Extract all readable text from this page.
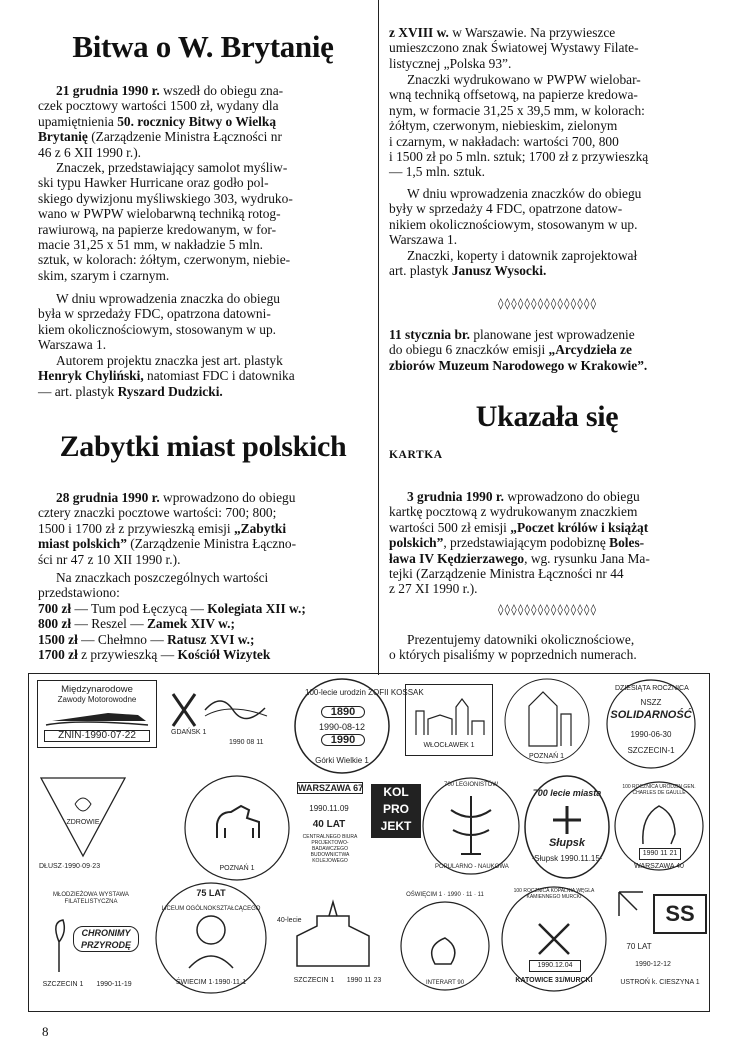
Bitwa o W. Brytanię

21 grudnia 1990 r. wszedł do obiegu zna-
czek pocztowy wartości 1500 zł, wydany dla
upamiętnienia 50. rocznicy Bitwy o Wielką
Brytanię (Zarządzenie Ministra Łączności nr
46 z 6 XII 1990 r.).

Znaczek, przedstawiający samolot myśliw-
ski typu Hawker Hurricane oraz godło pol-
skiego dywizjonu myśliwskiego 303, wydruko-
wano w PWPW wielobarwną techniką rotog-
rawiurową, na papierze kredowanym, w for-
macie 31,25 x 51 mm, w nakładzie 5 mln.
sztuk, w kolorach: żółtym, czerwonym, niebie-
skim, szarym i czarnym.

W dniu wprowadzenia znaczka do obiegu
była w sprzedaży FDC, opatrzona datowni-
kiem okolicznościowym, stosowanym w up.
Warszawa 1.

Autorem projektu znaczka jest art. plastyk
Henryk Chyliński, natomiast FDC i datownika
— art. plastyk Ryszard Dudzicki.

Zabytki miast polskich

28 grudnia 1990 r. wprowadzono do obiegu
cztery znaczki pocztowe wartości: 700; 800;
1500 i 1700 zł z przywieszką emisji „Zabytki
miast polskich” (Zarządzenie Ministra Łączno-
ści nr 47 z 10 XII 1990 r.).

Na znaczkach poszczególnych wartości
przedstawiono:

700 zł — Tum pod Łęczycą — Kolegiata XII w.;
800 zł — Reszel — Zamek XIV w.;
1500 zł — Chełmno — Ratusz XVI w.;
1700 zł z przywieszką — Kościół Wizytek

z XVIII w. w Warszawie. Na przywieszce
umieszczono znak Światowej Wystawy Filate-
listycznej „Polska 93”.

Znaczki wydrukowano w PWPW wielobar-
wną techniką offsetową, na papierze kredowa-
nym, w formacie 31,25 x 39,5 mm, w kolorach:
żółtym, czerwonym, niebieskim, zielonym
i czarnym, w nakładach: wartości 700, 800
i 1500 zł po 5 mln. sztuk; 1700 zł z przywieszką
— 1,5 mln. sztuk.

W dniu wprowadzenia znaczków do obiegu
były w sprzedaży 4 FDC, opatrzone datow-
nikiem okolicznościowym, stosowanym w up.
Warszawa 1.

Znaczki, koperty i datownik zaprojektował
art. plastyk Janusz Wysocki.

◊◊◊◊◊◊◊◊◊◊◊◊◊◊◊

11 stycznia br. planowane jest wprowadzenie
do obiegu 6 znaczków emisji „Arcydzieła ze
zbiorów Muzeum Narodowego w Krakowie”.

Ukazała się
KARTKA

3 grudnia 1990 r. wprowadzono do obiegu
kartkę pocztową z wydrukowanym znaczkiem
wartości 500 zł emisji „Poczet królów i książąt
polskich”, przedstawiającym podobiznę Boles-
ława IV Kędzierzawego, wg. rysunku Jana Ma-
tejki (Zarządzenie Ministra Łączności nr 44
z 27 XI 1990 r.).

◊◊◊◊◊◊◊◊◊◊◊◊◊◊◊

Prezentujemy datowniki okolicznościowe,
o których pisaliśmy w poprzednich numerach.

Międzynarodowe
Zawody Motorowodne
ZNIN·1990·07·22	GDAŃSK 1
1990 08 11
100-lecie urodzin ZOFII KOSSAK
1890
1990-08-12
1990
Górki Wielkie 1
WŁOCŁAWEK 1
POZNAŃ 1
DZIESIĄTA ROCZNICA
NSZZ
SOLIDARNOŚĆ
1990-06-30
SZCZECIN-1
ZDROWIE
DŁUSZ·1990·09·23	POZNAŃ 1
WARSZAWA 67
1990.11.09
40 LAT
CENTRALNEGO BIURA PROJEKTOWO-BADAWCZEGO BUDOWNICTWA KOLEJOWEGO
KOL PRO JEKT
700 LEGIONISTÓW
POPULARNO - NAUKOWA
700 lecie miasta
Słupsk
·Słupsk 1990.11.15·
100 ROCZNICA URODZIN GEN. CHARLES DE GAULLE
1990 11 21
WARSZAWA 40
MŁODZIEŻOWA WYSTAWA FILATELISTYCZNA
CHRONIMY PRZYRODĘ
SZCZECIN 1	1990-11-19
75 LAT
LICEUM OGÓLNOKSZTAŁCĄCEGO
ŚWIECIM 1·1990·11·1
40-lecie
SZCZECIN 1	1990 11 23
OŚWIĘCIM 1 · 1990 · 11 · 11
INTERART 90
100 ROCZNICA KOPALNIA WĘGLA KAMIENNEGO MURCKI
1990.12.04
KATOWICE 31/MURCKI
SS
70 LAT
1990-12-12
USTROŃ k. CIESZYNA 1
8
